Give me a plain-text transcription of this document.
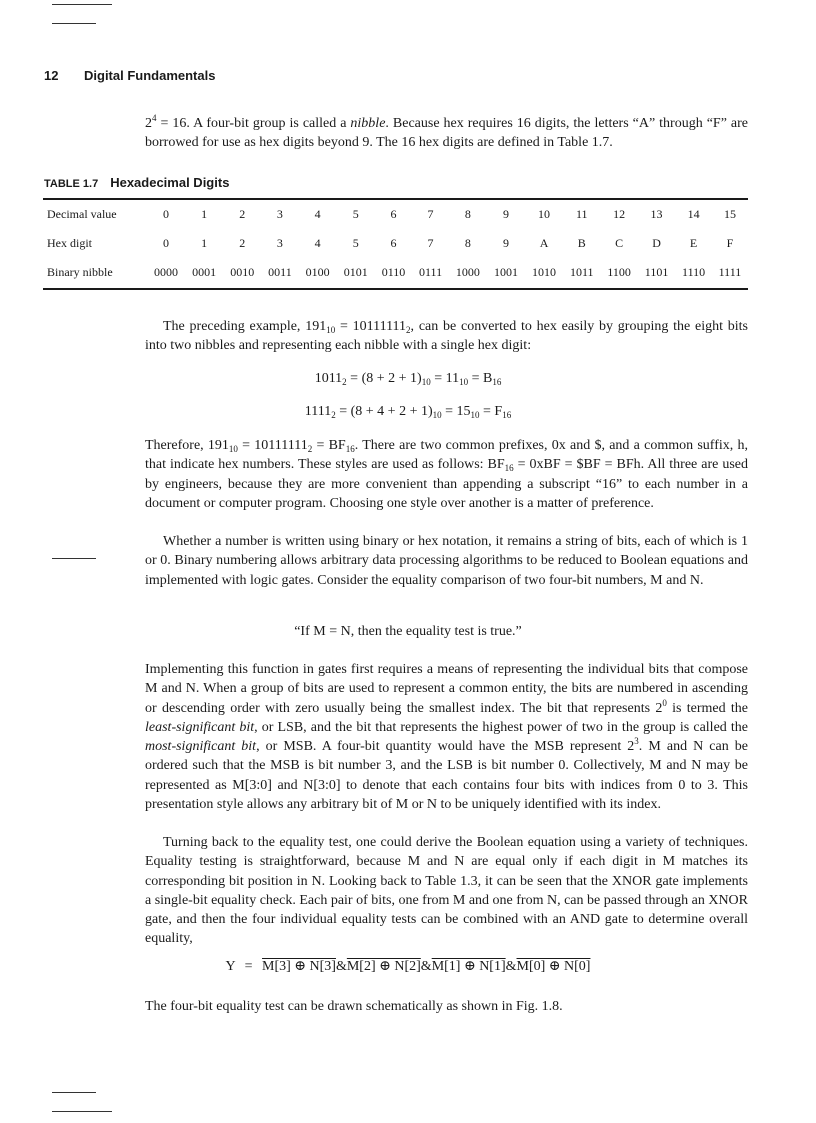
12 Digital Fundamentals

$2^4 = 16$. A four-bit group is called a nibble. Because hex requires 16 digits, the letters “A” through “F” are borrowed for use as hex digits beyond 9. The 16 hex digits are defined in Table 1.7.

TABLE 1.7 Hexadecimal Digits
Decimal value	0	1	2	3	4	5	6	7	8	9	10	11	12	13	14	15
Hex digit	0	1	2	3	4	5	6	7	8	9	A	B	C	D	E	F
Binary nibble	0000	0001	0010	0011	0100	0101	0110	0111	1000	1001	1010	1011	1100	1101	1110	1111

The preceding example, $191_{10} = 10111111_2$, can be converted to hex easily by grouping the eight bits into two nibbles and representing each nibble with a single hex digit:

$1011_2 = (8 + 2 + 1)_{10} = 11_{10} = B_{16}$
$1111_2 = (8 + 4 + 2 + 1)_{10} = 15_{10} = F_{16}$

Therefore, $191_{10} = 10111111_2 = BF_{16}$. There are two common prefixes, 0x and $, and a common suffix, h, that indicate hex numbers. These styles are used as follows: $BF_{16} = 0xBF$ = $BF = BFh. All three are used by engineers, because they are more convenient than appending a subscript “16” to each number in a document or computer program. Choosing one style over another is a matter of preference.

Whether a number is written using binary or hex notation, it remains a string of bits, each of which is 1 or 0. Binary numbering allows arbitrary data processing algorithms to be reduced to Boolean equations and implemented with logic gates. Consider the equality comparison of two four-bit numbers, M and N.

“If M = N, then the equality test is true.”

Implementing this function in gates first requires a means of representing the individual bits that compose M and N. When a group of bits are used to represent a common entity, the bits are numbered in ascending or descending order with zero usually being the smallest index. The bit that represents $2^0$ is termed the least-significant bit, or LSB, and the bit that represents the highest power of two in the group is called the most-significant bit, or MSB. A four-bit quantity would have the MSB represent $2^3$. M and N can be ordered such that the MSB is bit number 3, and the LSB is bit number 0. Collectively, M and N may be represented as M[3:0] and N[3:0] to denote that each contains four bits with indices from 0 to 3. This presentation style allows any arbitrary bit of M or N to be uniquely identified with its index.

Turning back to the equality test, one could derive the Boolean equation using a variety of techniques. Equality testing is straightforward, because M and N are equal only if each digit in M matches its corresponding bit position in N. Looking back to Table 1.3, it can be seen that the XNOR gate implements a single-bit equality check. Each pair of bits, one from M and one from N, can be passed through an XNOR gate, and then the four individual equality tests can be combined with an AND gate to determine overall equality,

Y = M[3] ⊕ N[3]&M[2] ⊕ N[2]&M[1] ⊕ N[1]&M[0] ⊕ N[0]

The four-bit equality test can be drawn schematically as shown in Fig. 1.8.
